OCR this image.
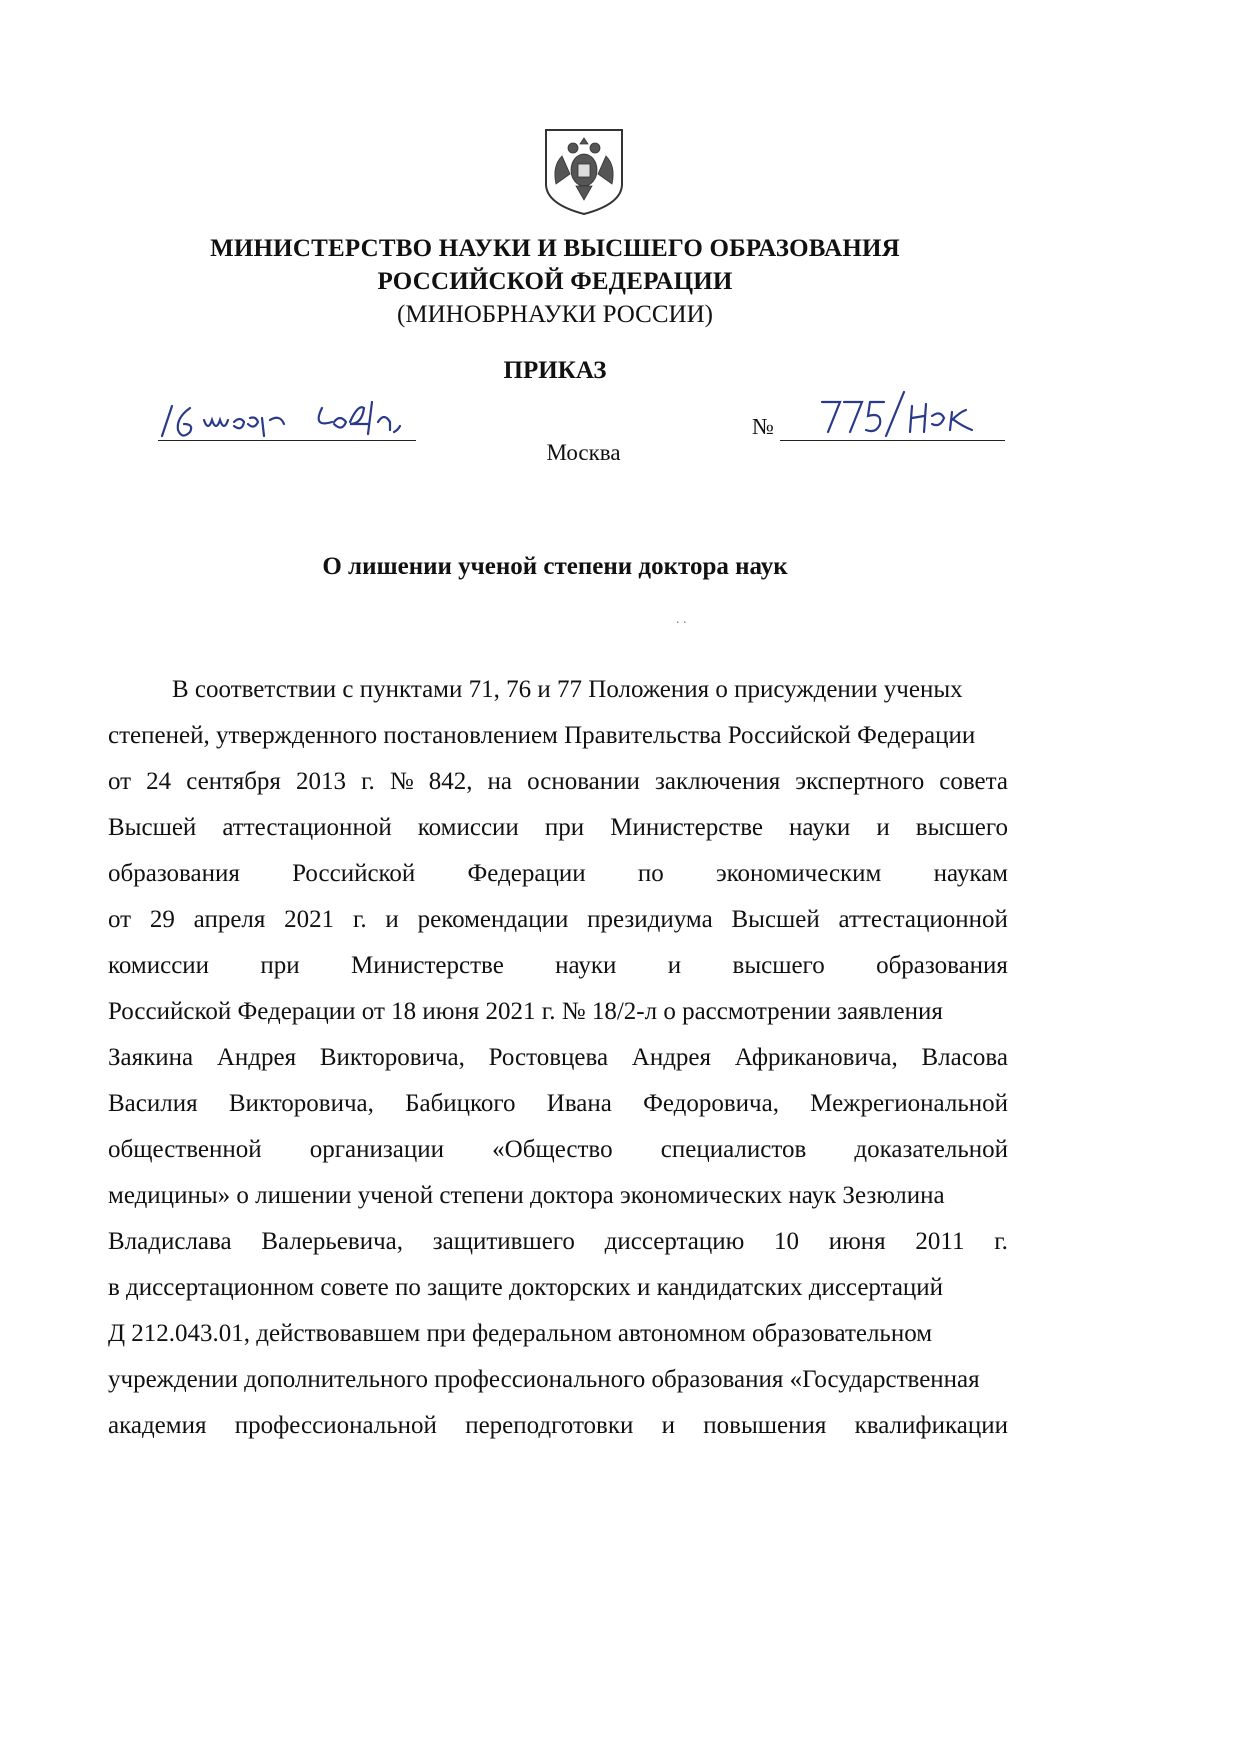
МИНИСТЕРСТВО НАУКИ И ВЫСШЕГО ОБРАЗОВАНИЯ
РОССИЙСКОЙ ФЕДЕРАЦИИ
(МИНОБРНАУКИ РОССИИ)
ПРИКАЗ
№
Москва
О лишении ученой степени доктора наук
. .
В соответствии с пунктами 71, 76 и 77 Положения о присуждении ученых
степеней, утвержденного постановлением Правительства Российской Федерации
от 24 сентября 2013 г. № 842, на основании заключения экспертного совета
Высшей аттестационной комиссии при Министерстве науки и высшего
образования Российской Федерации по экономическим наукам
от 29 апреля 2021 г. и рекомендации президиума Высшей аттестационной
комиссии при Министерстве науки и высшего образования
Российской Федерации от 18 июня 2021 г. № 18/2-л о рассмотрении заявления
Заякина Андрея Викторовича, Ростовцева Андрея Африкановича, Власова
Василия Викторовича, Бабицкого Ивана Федоровича, Межрегиональной
общественной организации «Общество специалистов доказательной
медицины» о лишении ученой степени доктора экономических наук Зезюлина
Владислава Валерьевича, защитившего диссертацию 10 июня 2011 г.
в диссертационном совете по защите докторских и кандидатских диссертаций
Д 212.043.01, действовавшем при федеральном автономном образовательном
учреждении дополнительного профессионального образования «Государственная
академия профессиональной переподготовки и повышения квалификации
